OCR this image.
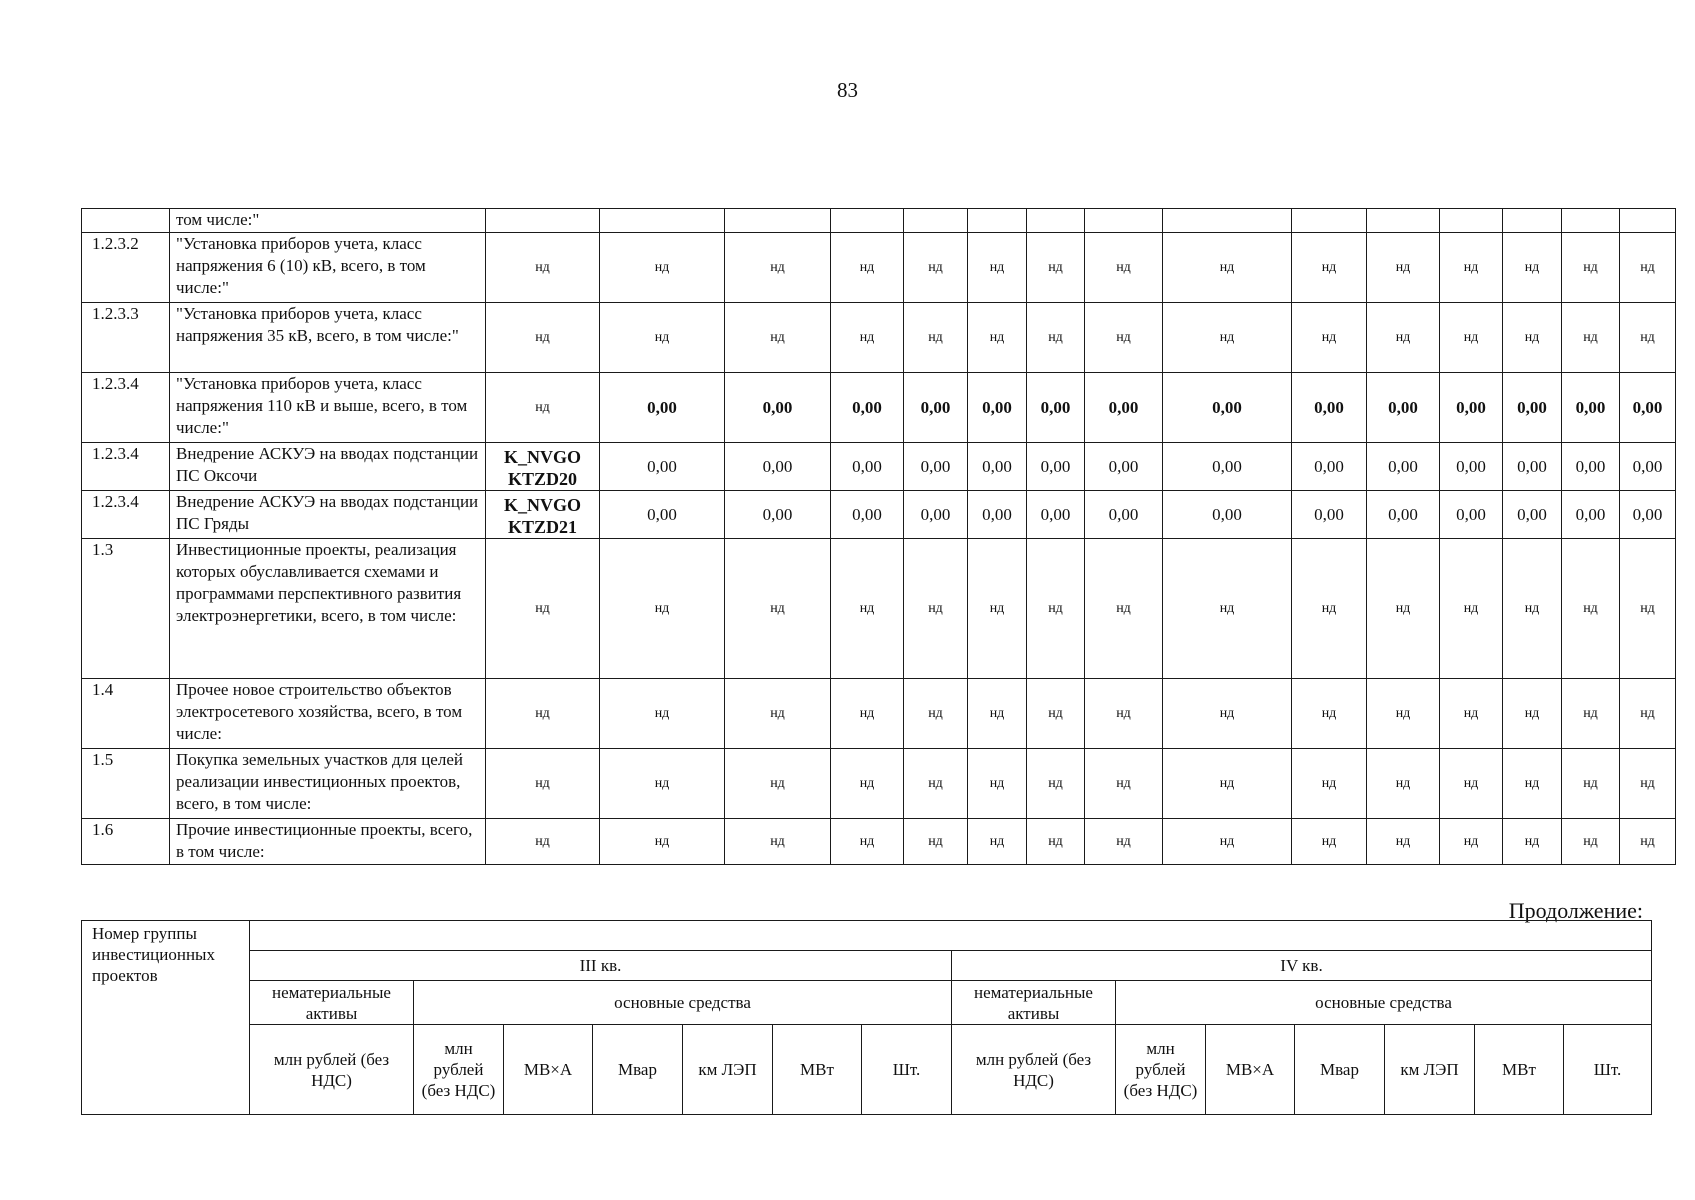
83
	том числе:"															
1.2.3.2	"Установка приборов учета, класс напряжения 6 (10) кВ, всего, в том числе:"	нд	нд	нд	нд	нд	нд	нд	нд	нд	нд	нд	нд	нд	нд	нд
1.2.3.3	"Установка приборов учета, класс напряжения 35 кВ, всего, в том числе:"	нд	нд	нд	нд	нд	нд	нд	нд	нд	нд	нд	нд	нд	нд	нд
1.2.3.4	"Установка приборов учета, класс напряжения 110 кВ и выше, всего, в том числе:"	нд	0,00	0,00	0,00	0,00	0,00	0,00	0,00	0,00	0,00	0,00	0,00	0,00	0,00	0,00
1.2.3.4	Внедрение АСКУЭ на вводах подстанции ПС Оксочи	K_NVGO KTZD20	0,00	0,00	0,00	0,00	0,00	0,00	0,00	0,00	0,00	0,00	0,00	0,00	0,00	0,00
1.2.3.4	Внедрение АСКУЭ на вводах подстанции ПС Гряды	K_NVGO KTZD21	0,00	0,00	0,00	0,00	0,00	0,00	0,00	0,00	0,00	0,00	0,00	0,00	0,00	0,00
1.3	Инвестиционные проекты, реализация которых обуславливается схемами и программами перспективного развития электроэнергетики, всего, в том числе:	нд	нд	нд	нд	нд	нд	нд	нд	нд	нд	нд	нд	нд	нд	нд
1.4	Прочее новое строительство объектов электросетевого хозяйства, всего, в том числе:	нд	нд	нд	нд	нд	нд	нд	нд	нд	нд	нд	нд	нд	нд	нд
1.5	Покупка земельных участков для целей реализации инвестиционных проектов, всего, в том числе:	нд	нд	нд	нд	нд	нд	нд	нд	нд	нд	нд	нд	нд	нд	нд
1.6	Прочие инвестиционные проекты, всего, в том числе:	нд	нд	нд	нд	нд	нд	нд	нд	нд	нд	нд	нд	нд	нд	нд
Продолжение:
Номер группы инвестиционных проектов														
	III кв.							IV кв.						
	нематериальные активы	основные средства						нематериальные активы	основные средства					
	млн рублей (без НДС)	млн рублей (без НДС)	МВ×А	Мвар	км ЛЭП	МВт	Шт.	млн рублей (без НДС)	млн рублей (без НДС)	МВ×А	Мвар	км ЛЭП	МВт	Шт.
